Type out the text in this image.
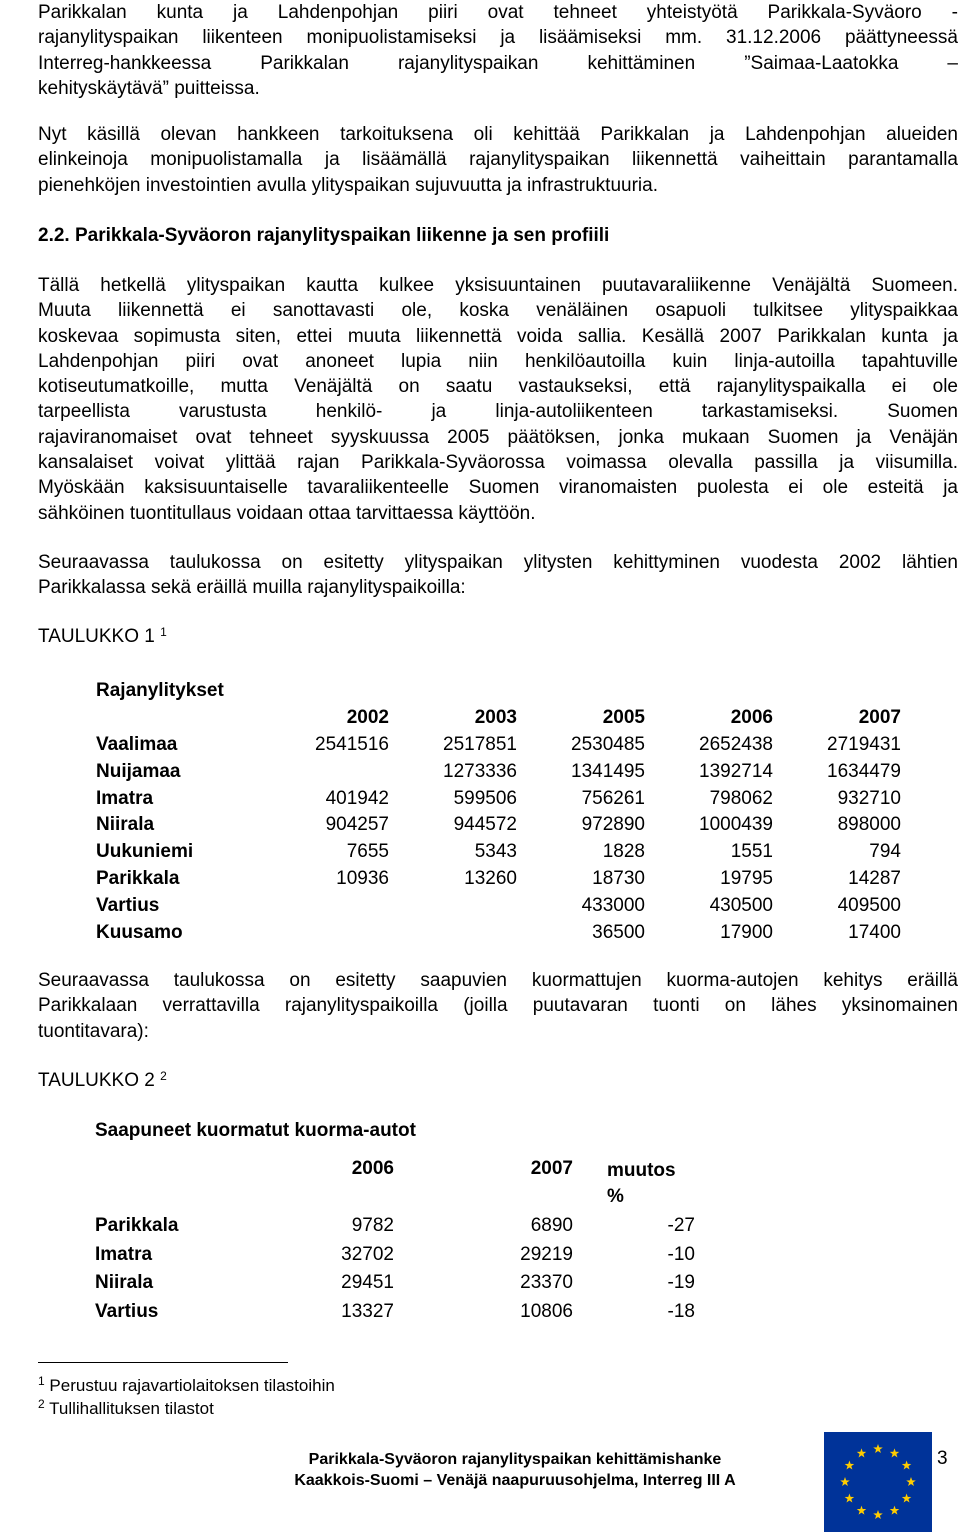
Parikkalan kunta ja Lahdenpohjan piiri ovat tehneet yhteistyötä Parikkala-Syväoro -

rajanylityspaikan liikenteen monipuolistamiseksi ja lisäämiseksi mm. 31.12.2006 päättyneessä

Interreg-hankkeessa Parikkalan rajanylityspaikan kehittäminen ”Saimaa-Laatokka –

kehityskäytävä” puitteissa.

Nyt käsillä olevan hankkeen tarkoituksena oli kehittää Parikkalan ja Lahdenpohjan alueiden

elinkeinoja monipuolistamalla ja lisäämällä rajanylityspaikan liikennettä vaiheittain parantamalla

pienehköjen investointien avulla ylityspaikan sujuvuutta ja infrastruktuuria.

2.2. Parikkala-Syväoron rajanylityspaikan liikenne ja sen profiili

Tällä hetkellä ylityspaikan kautta kulkee yksisuuntainen puutavaraliikenne Venäjältä Suomeen.

Muuta liikennettä ei sanottavasti ole, koska venäläinen osapuoli tulkitsee ylityspaikkaa

koskevaa sopimusta siten, ettei muuta liikennettä voida sallia. Kesällä 2007 Parikkalan kunta ja

Lahdenpohjan piiri ovat anoneet lupia niin henkilöautoilla kuin linja-autoilla tapahtuville

kotiseutumatkoille, mutta Venäjältä on saatu vastaukseksi, että rajanylityspaikalla ei ole

tarpeellista varustusta henkilö- ja linja-autoliikenteen tarkastamiseksi. Suomen

rajaviranomaiset ovat tehneet syyskuussa 2005 päätöksen, jonka mukaan Suomen ja Venäjän

kansalaiset voivat ylittää rajan Parikkala-Syväorossa voimassa olevalla passilla ja viisumilla.

Myöskään kaksisuuntaiselle tavaraliikenteelle Suomen viranomaisten puolesta ei ole esteitä ja

sähköinen tuontitullaus voidaan ottaa tarvittaessa käyttöön.

Seuraavassa taulukossa on esitetty ylityspaikan ylitysten kehittyminen vuodesta 2002 lähtien

Parikkalassa sekä eräillä muilla rajanylityspaikoilla:

TAULUKKO 1 $^1$

Rajanylitykset
	2002	2003	2005	2006	2007
Vaalimaa	2541516	2517851	2530485	2652438	2719431
Nuijamaa		1273336	1341495	1392714	1634479
Imatra	401942	599506	756261	798062	932710
Niirala	904257	944572	972890	1000439	898000
Uukuniemi	7655	5343	1828	1551	794
Parikkala	10936	13260	18730	19795	14287
Vartius			433000	430500	409500
Kuusamo			36500	17900	17400

Seuraavassa taulukossa on esitetty saapuvien kuormattujen kuorma-autojen kehitys eräillä

Parikkalaan verrattavilla rajanylityspaikoilla (joilla puutavaran tuonti on lähes yksinomainen

tuontitavara):

TAULUKKO 2 $^2$

Saapuneet kuormatut kuorma-autot
	2006	2007	muutos %
Parikkala	9782	6890	-27
Imatra	32702	29219	-10
Niirala	29451	23370	-19
Vartius	13327	10806	-18

$^1$ Perustuu rajavartiolaitoksen tilastoihin

$^2$ Tullihallituksen tilastot

Parikkala-Syväoron rajanylityspaikan kehittämishanke
Kaakkois-Suomi – Venäjä naapuruusohjelma, Interreg III A
3
